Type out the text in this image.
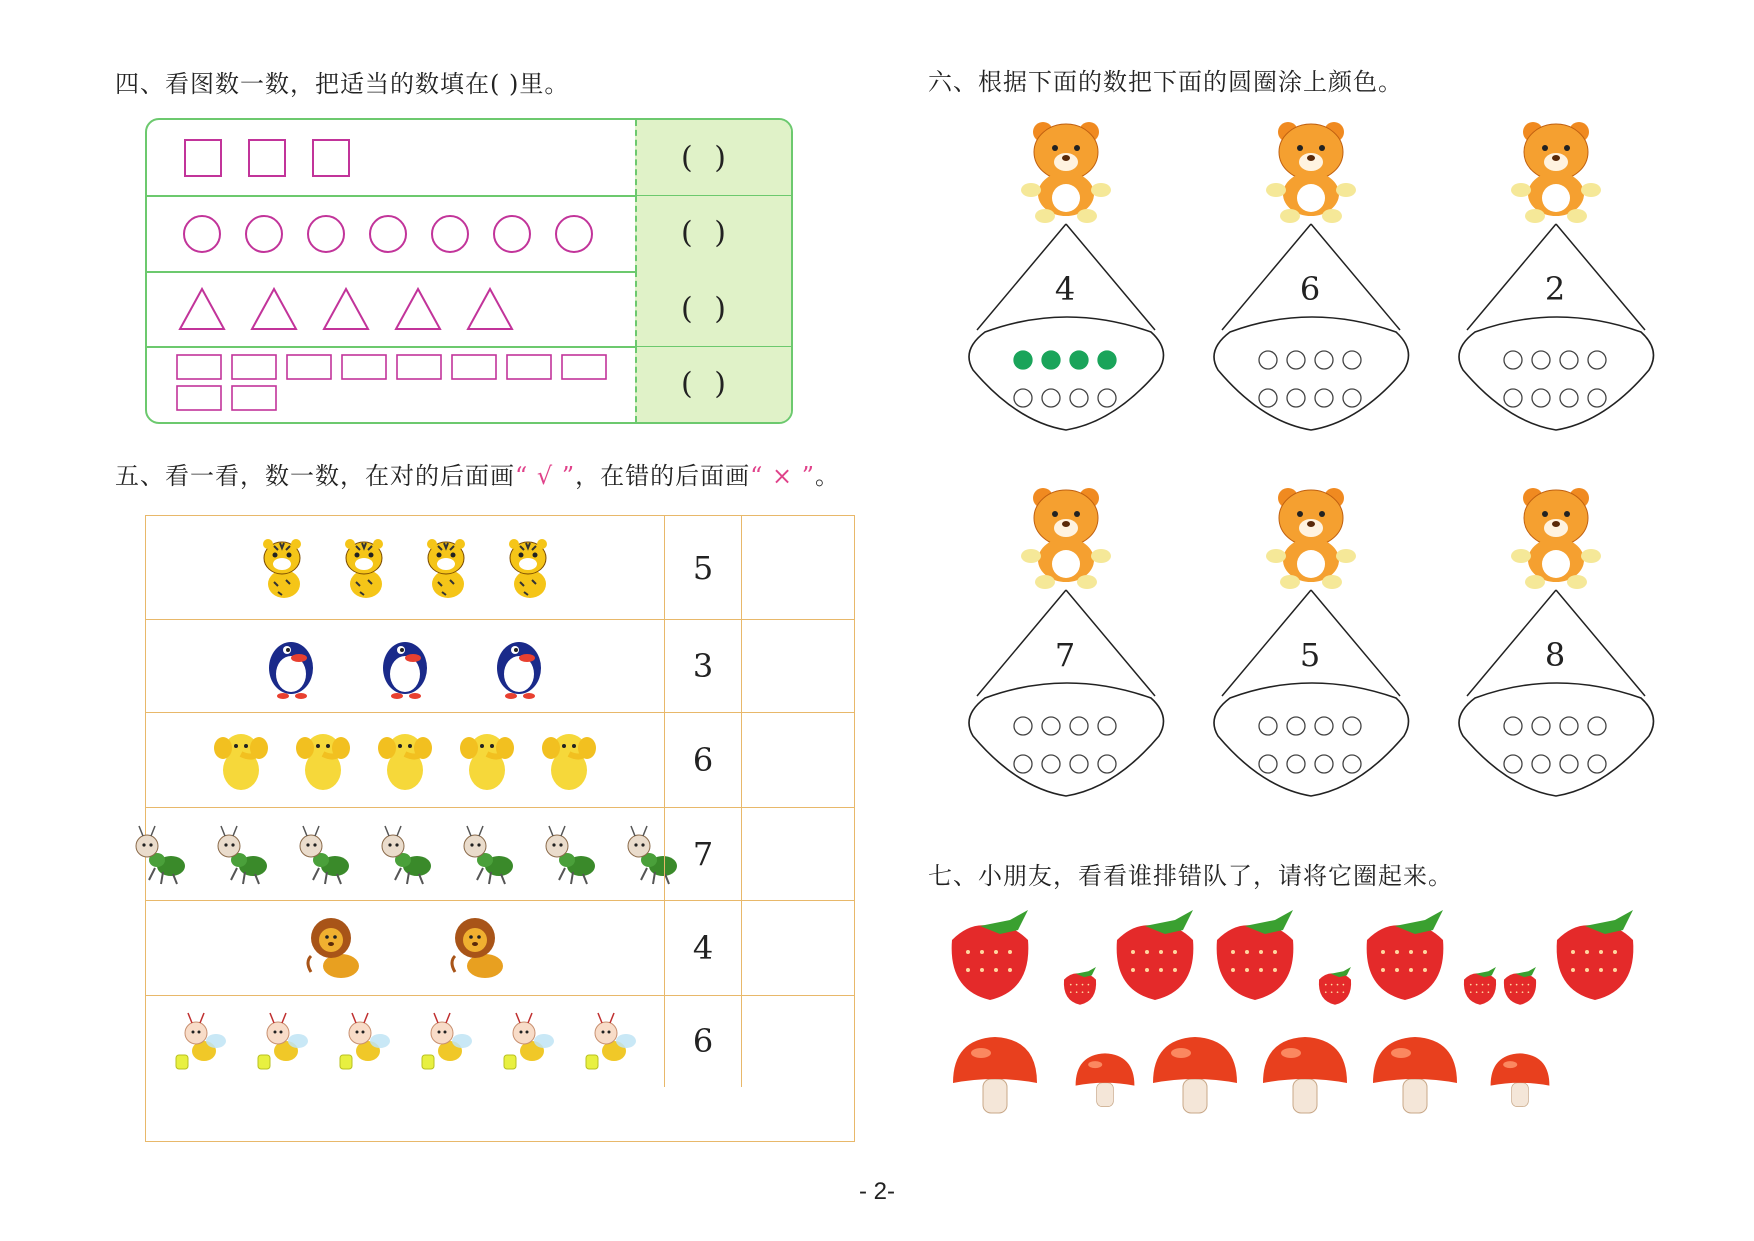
四、看图数一数，把适当的数填在( )里。
( )
( )
( )
( )
五、看一看，数一数，在对的后面画“ √ ”，在错的后面画“ × ”。
5
3
6
7
4
6
六、根据下面的数把下面的圆圈涂上颜色。
4	6	2
7	5	8
七、小朋友，看看谁排错队了，请将它圈起来。
- 2-
